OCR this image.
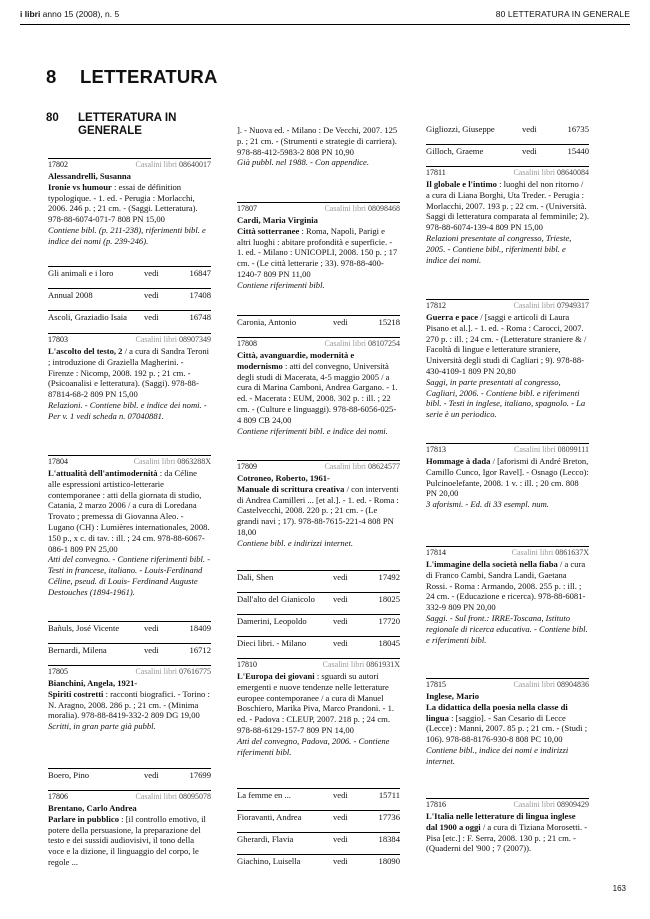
i libri anno 15 (2008), n. 5	80 LETTERATURA IN GENERALE
8 LETTERATURA
80 LETTERATURA IN GENERALE
17802	Casalini libri 08640017

Alessandrelli, Susanna

Ironie vs humour : essai de définition typologique. - 1. ed. - Perugia : Morlacchi, 2006. 246 p. ; 21 cm. - (Saggi. Letteratura). 978-88-6074-071-7 808 PN 15,00

Contiene bibl. (p. 211-238), riferimenti bibl. e indice dei nomi (p. 239-246).

Gli animali e i loro	vedi	16847
Annual 2008	vedi	17408
Ascoli, Graziadio Isaia vedi	16748
17803	Casalini libri 08907349

L'ascolto del testo, 2 / a cura di Sandra Teroni ; introduzione di Graziella Magherini. - Firenze : Nicomp, 2008. 192 p. ; 21 cm. - (Psicoanalisi e letteratura). (Saggi). 978-88-87814-68-2 809 PN 15,00

Relazioni. - Contiene bibl. e indice dei nomi. - Per v. 1 vedi scheda n. 07040881.

17804	Casalini libri 0863288X

L'attualità dell'antimodernità : da Céline alle espressioni artistico-letterarie contemporanee : atti della giornata di studio, Catania, 2 marzo 2006 / a cura di Loredana Trovato ; premessa di Giovanna Aleo. - Lugano (CH) : Lumières internationales, 2008. 150 p., x c. di tav. : ill. ; 24 cm. 978-88-6067-086-1 809 PN 25,00

Atti del convegno. - Contiene riferimenti bibl. - Testi in francese, italiano. - Louis-Ferdinand Céline, pseud. di Louis- Ferdinand Auguste Destouches (1894-1961).

Bañuls, José Vicente	vedi	18409
Bernardi, Milena	vedi	16712
17805	Casalini libri 07616775

Bianchini, Angela, 1921-

Spiriti costretti : racconti biografici. - Torino : N. Aragno, 2008. 286 p. ; 21 cm. - (Minima moralia). 978-88-8419-332-2 809 DG 19,00

Scritti, in gran parte già pubbl.

Boero, Pino	vedi	17699
17806	Casalini libri 08095078

Brentano, Carlo Andrea

Parlare in pubblico : [il controllo emotivo, il potere della persuasione, la preparazione del testo e dei sussidi audiovisivi, il tono della voce e la dizione, il linguaggio del corpo, le regole ...

]. - Nuova ed. - Milano : De Vecchi, 2007. 125 p. ; 21 cm. - (Strumenti e strategie di carriera). 978-88-412-5983-2 808 PN 10,90

Già pubbl. nel 1988. - Con appendice.

17807	Casalini libri 08098468

Cardi, Maria Virginia

Città sotterranee : Roma, Napoli, Parigi e altri luoghi : abitare profondità e superficie. - 1. ed. - Milano : UNICOPLI, 2008. 150 p. ; 17 cm. - (Le città letterarie ; 33). 978-88-400-1240-7 809 PN 11,00

Contiene riferimenti bibl.

Caronia, Antonio	vedi	15218
17808	Casalini libri 08107254

Città, avanguardie, modernità e modernismo : atti del convegno, Università degli studi di Macerata, 4-5 maggio 2005 / a cura di Marina Camboni, Andrea Gargano. - 1. ed. - Macerata : EUM, 2008. 302 p. : ill. ; 22 cm. - (Culture e linguaggi). 978-88-6056-025-4 809 CB 24,00

Contiene riferimenti bibl. e indice dei nomi.

17809	Casalini libri 08624577

Cotroneo, Roberto, 1961-

Manuale di scrittura creativa / con interventi di Andrea Camilleri ... [et al.]. - 1. ed. - Roma : Castelvecchi, 2008. 220 p. ; 21 cm. - (Le grandi navi ; 17). 978-88-7615-221-4 808 PN 18,00

Contiene bibl. e indirizzi internet.

Dali, Shen	vedi	17492
Dall'alto del Gianicolo vedi	18025
Damerini, Leopoldo	vedi	17720
Dieci libri. - Milano	vedi	18045
17810	Casalini libri 0861931X

L'Europa dei giovani : sguardi su autori emergenti e nuove tendenze nelle letterature europee contemporanee / a cura di Manuel Boschiero, Marika Piva, Marco Prandoni. - 1. ed. - Padova : CLEUP, 2007. 218 p. ; 24 cm. 978-88-6129-157-7 809 PN 14,00

Atti del convegno, Padova, 2006. - Contiene riferimenti bibl.

La femme en ...	vedi	15711
Fioravanti, Andrea	vedi	17736
Gherardi, Flavia	vedi	18384
Giachino, Luisella	vedi	18090
Gigliozzi, Giuseppe	vedi	16735
Gilloch, Graeme	vedi	15440
17811	Casalini libri 08640084

Il globale e l'intimo : luoghi del non ritorno / a cura di Liana Borghi, Uta Treder. - Perugia : Morlacchi, 2007. 193 p. ; 22 cm. - (Università. Saggi di letteratura comparata al femminile; 2). 978-88-6074-139-4 809 PN 15,00

Relazioni presentate al congresso, Trieste, 2005. - Contiene bibl., riferimenti bibl. e indice dei nomi.

17812	Casalini libri 07949317

Guerra e pace / [saggi e articoli di Laura Pisano et al.]. - 1. ed. - Roma : Carocci, 2007. 270 p. : ill. ; 24 cm. - (Letterature straniere & / Facoltà di lingue e letterature straniere, Università degli studi di Cagliari ; 9). 978-88-430-4109-1 809 PN 20,80

Saggi, in parte presentati al congresso, Cagliari, 2006. - Contiene bibl. e riferimenti bibl. - Testi in inglese, italiano, spagnolo. - La serie è un periodico.

17813	Casalini libri 08099111

Hommage à dada / [aforismi di André Breton, Camillo Cunco, Igor Ravel]. - Osnago (Lecco): Pulcinoelefante, 2008. 1 v. : ill. ; 20 cm. 808 PN 20,00

3 aforismi. - Ed. di 33 esempl. num.

17814	Casalini libri 0861637X

L'immagine della società nella fiaba / a cura di Franco Cambi, Sandra Landi, Gaetana Rossi. - Roma : Armando, 2008. 255 p. : ill. ; 24 cm. - (Educazione e ricerca). 978-88-6081-332-9 809 PN 20,00

Saggi. - Sul front.: IRRE-Toscana, Istituto regionale di ricerca educativa. - Contiene bibl. e riferimenti bibl.

17815	Casalini libri 08904836

Inglese, Mario

La didattica della poesia nella classe di lingua : [saggio]. - San Cesario di Lecce (Lecce) : Manni, 2007. 85 p. ; 21 cm. - (Studi ; 106). 978-88-8176-930-8 808 PC 10,00

Contiene bibl., indice dei nomi e indirizzi internet.

17816	Casalini libri 08909429

L'Italia nelle letterature di lingua inglese dal 1900 a oggi / a cura di Tiziana Morosetti. - Pisa [etc.] : F. Serra, 2008. 130 p. ; 21 cm. - (Quaderni del '900 ; 7 (2007)).

163
